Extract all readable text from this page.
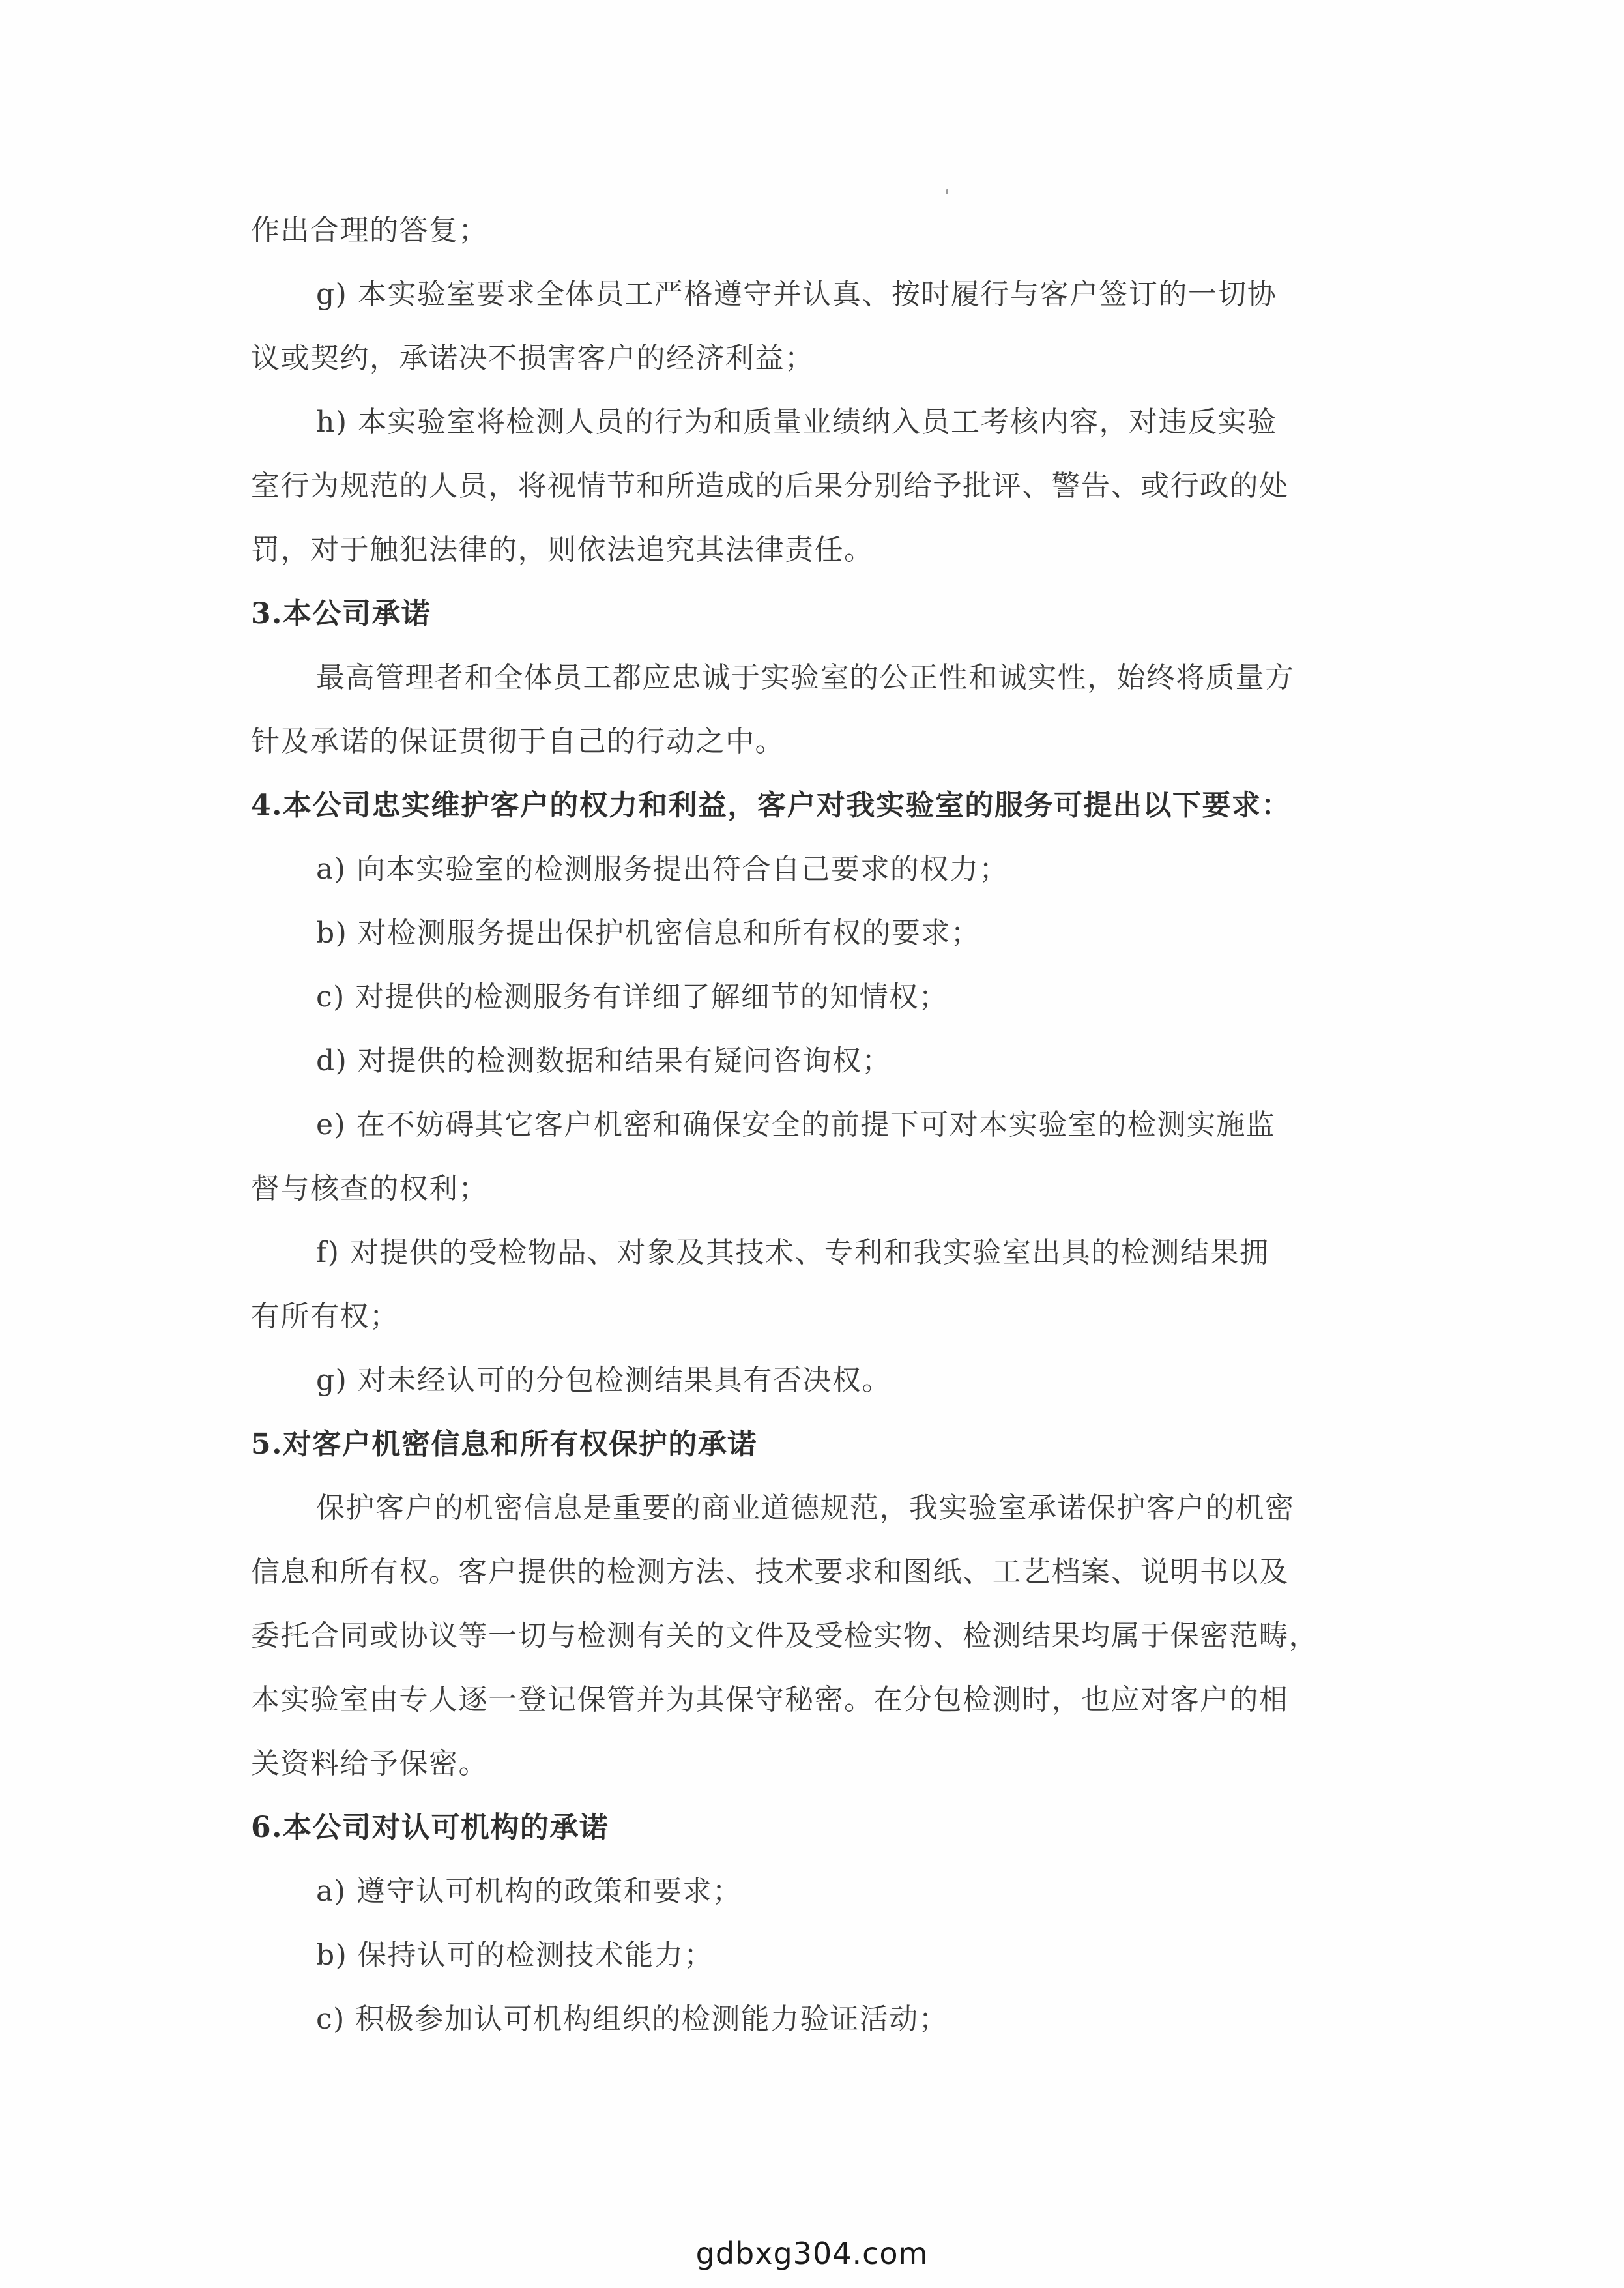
作出合理的答复；
g) 本实验室要求全体员工严格遵守并认真、按时履行与客户签订的一切协
议或契约，承诺决不损害客户的经济利益；
h) 本实验室将检测人员的行为和质量业绩纳入员工考核内容，对违反实验
室行为规范的人员，将视情节和所造成的后果分别给予批评、警告、或行政的处
罚，对于触犯法律的，则依法追究其法律责任。
3.本公司承诺
最高管理者和全体员工都应忠诚于实验室的公正性和诚实性，始终将质量方
针及承诺的保证贯彻于自己的行动之中。
4.本公司忠实维护客户的权力和利益，客户对我实验室的服务可提出以下要求：
a) 向本实验室的检测服务提出符合自己要求的权力；
b) 对检测服务提出保护机密信息和所有权的要求；
c) 对提供的检测服务有详细了解细节的知情权；
d) 对提供的检测数据和结果有疑问咨询权；
e) 在不妨碍其它客户机密和确保安全的前提下可对本实验室的检测实施监
督与核查的权利；
f) 对提供的受检物品、对象及其技术、专利和我实验室出具的检测结果拥
有所有权；
g) 对未经认可的分包检测结果具有否决权。
5.对客户机密信息和所有权保护的承诺
保护客户的机密信息是重要的商业道德规范，我实验室承诺保护客户的机密
信息和所有权。客户提供的检测方法、技术要求和图纸、工艺档案、说明书以及
委托合同或协议等一切与检测有关的文件及受检实物、检测结果均属于保密范畴，
本实验室由专人逐一登记保管并为其保守秘密。在分包检测时，也应对客户的相
关资料给予保密。
6.本公司对认可机构的承诺
a) 遵守认可机构的政策和要求；
b) 保持认可的检测技术能力；
c) 积极参加认可机构组织的检测能力验证活动；
gdbxg304.com
